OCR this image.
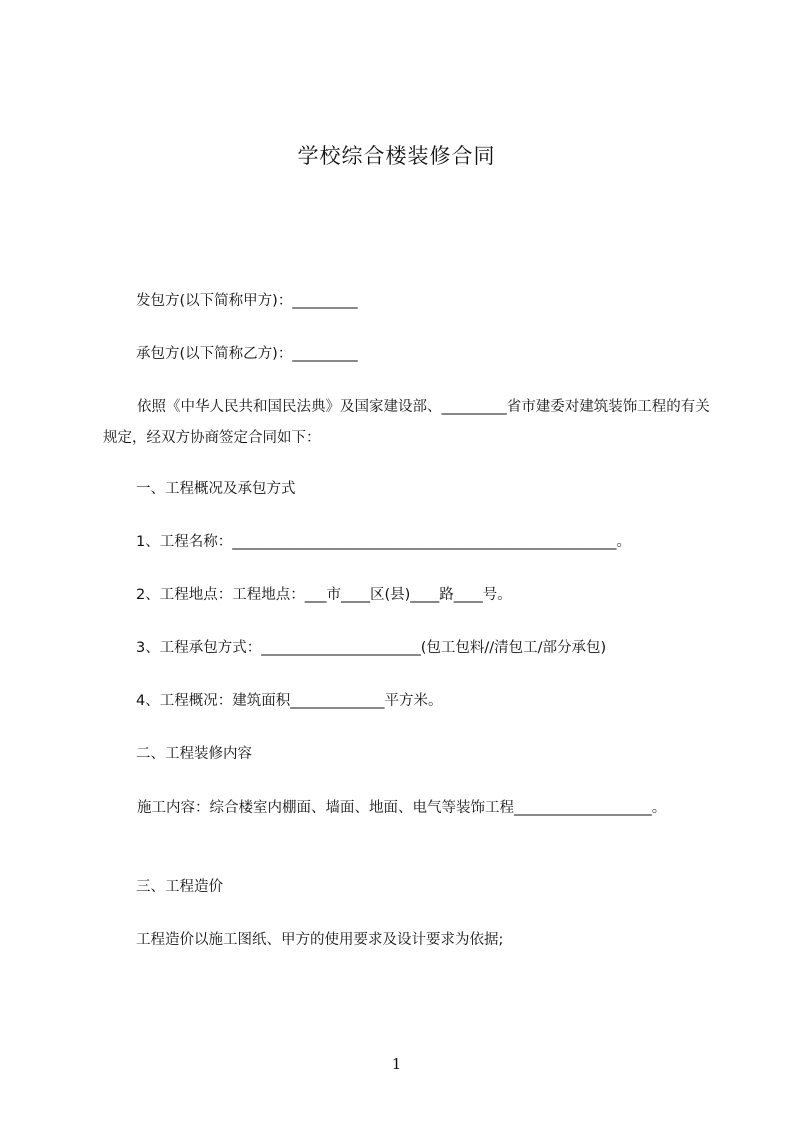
学校综合楼装修合同
发包方(以下简称甲方)：_________
承包方(以下简称乙方)：_________
依照《中华人民共和国民法典》及国家建设部、_________省市建委对建筑装饰工程的有关规定，经双方协商签定合同如下：
一、工程概况及承包方式
1、工程名称：_____________________________________________________。
2、工程地点：工程地点：___市____区(县)____路____号。
3、工程承包方式：______________________(包工包料//清包工/部分承包)
4、工程概况：建筑面积_____________平方米。
二、工程装修内容
施工内容：综合楼室内棚面、墙面、地面、电气等装饰工程___________________。
三、工程造价
工程造价以施工图纸、甲方的使用要求及设计要求为依据;
1
